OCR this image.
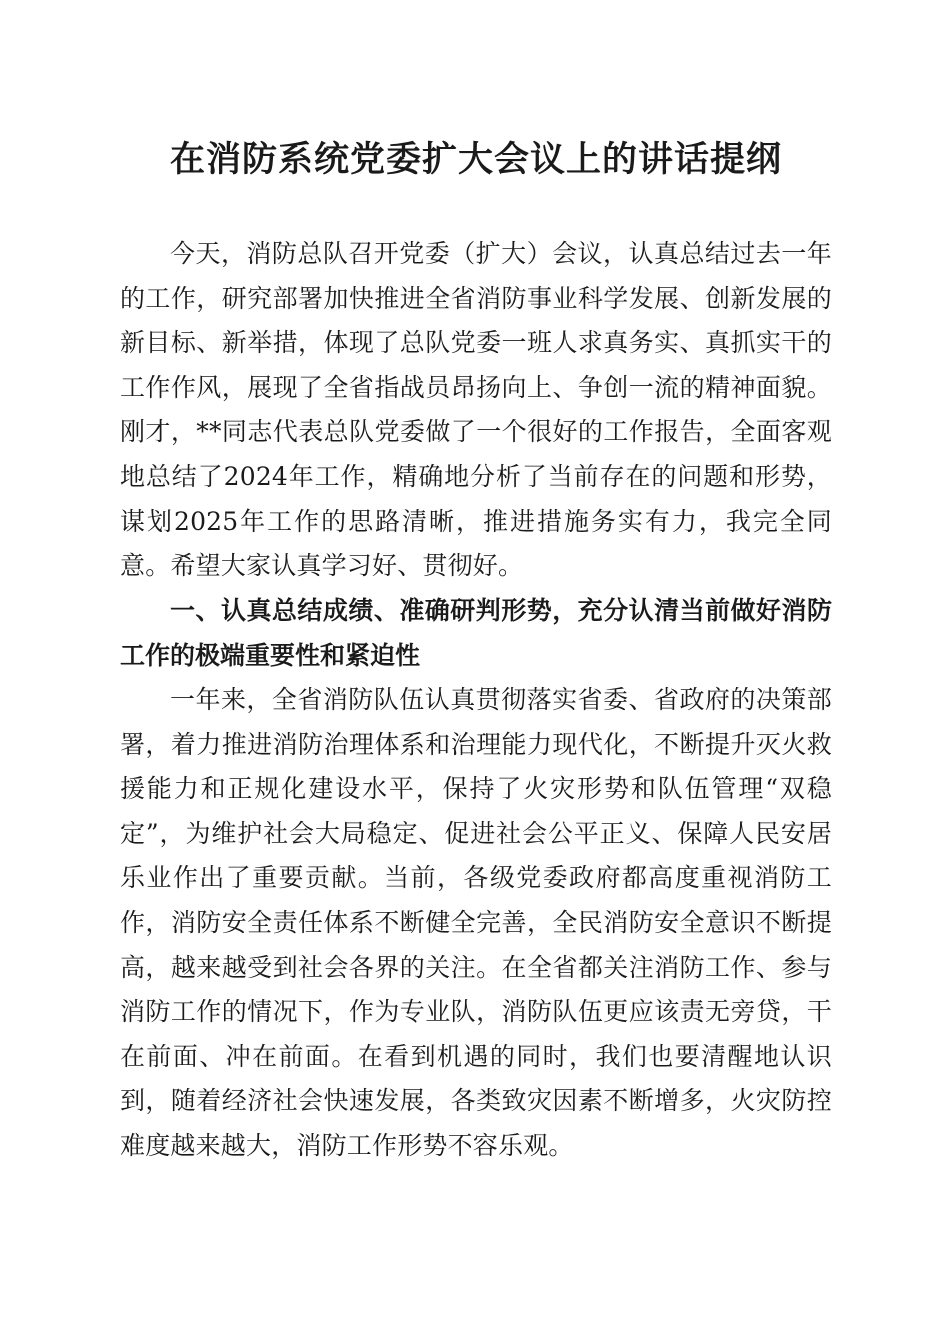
在消防系统党委扩大会议上的讲话提纲

今天，消防总队召开党委（扩大）会议，认真总结过去一年的工作，研究部署加快推进全省消防事业科学发展、创新发展的新目标、新举措，体现了总队党委一班人求真务实、真抓实干的工作作风，展现了全省指战员昂扬向上、争创一流的精神面貌。刚才，**同志代表总队党委做了一个很好的工作报告，全面客观地总结了2024年工作，精确地分析了当前存在的问题和形势，谋划2025年工作的思路清晰，推进措施务实有力，我完全同意。希望大家认真学习好、贯彻好。

一、认真总结成绩、准确研判形势，充分认清当前做好消防工作的极端重要性和紧迫性

一年来，全省消防队伍认真贯彻落实省委、省政府的决策部署，着力推进消防治理体系和治理能力现代化，不断提升灭火救援能力和正规化建设水平，保持了火灾形势和队伍管理“双稳定”，为维护社会大局稳定、促进社会公平正义、保障人民安居乐业作出了重要贡献。当前，各级党委政府都高度重视消防工作，消防安全责任体系不断健全完善，全民消防安全意识不断提高，越来越受到社会各界的关注。在全省都关注消防工作、参与消防工作的情况下，作为专业队，消防队伍更应该责无旁贷，干在前面、冲在前面。在看到机遇的同时，我们也要清醒地认识到，随着经济社会快速发展，各类致灾因素不断增多，火灾防控难度越来越大，消防工作形势不容乐观。
